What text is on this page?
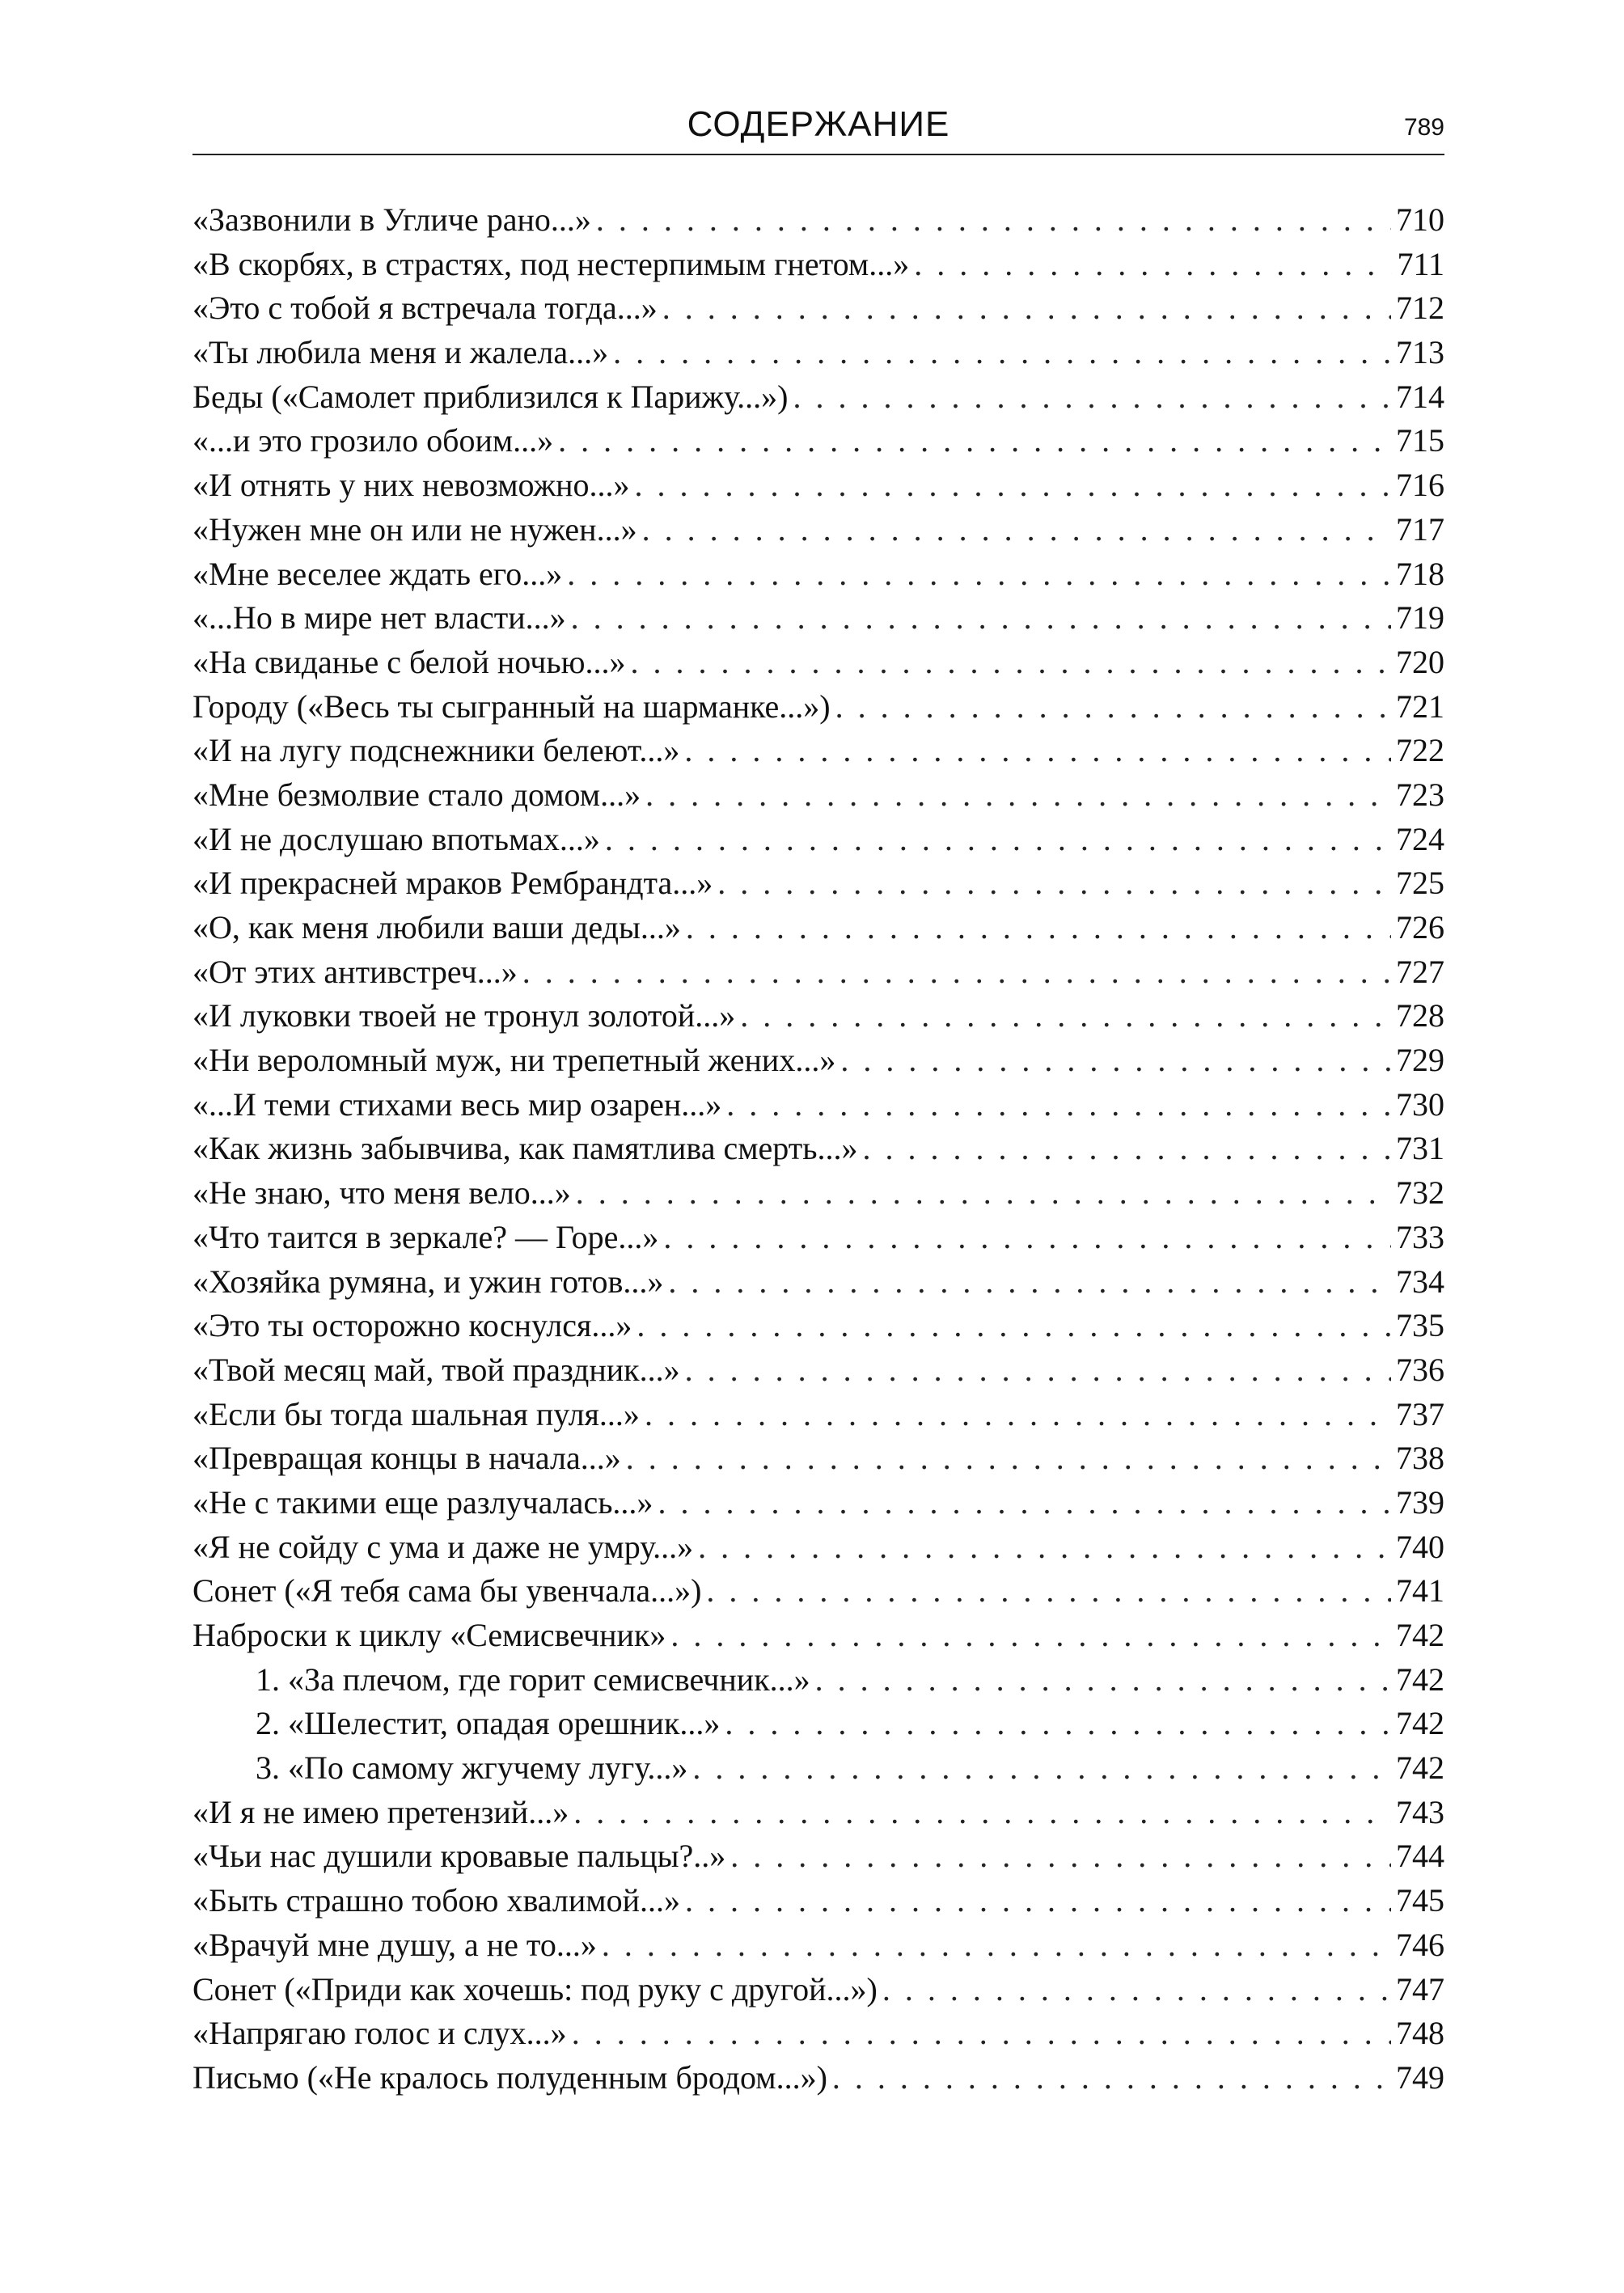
СОДЕРЖАНИЕ	789
«Зазвонили в Угличе рано...» . . .	710
«В скорбях, в страстях, под нестерпимым гнетом...» . . .	711
«Это с тобой я встречала тогда...» . . .	712
«Ты любила меня и жалела...» . . .	713
Беды («Самолет приблизился к Парижу...») . . .	714
«...и это грозило обоим...» . . .	715
«И отнять у них невозможно...» . . .	716
«Нужен мне он или не нужен...» . . .	717
«Мне веселее ждать его...» . . .	718
«...Но в мире нет власти...» . . .	719
«На свиданье с белой ночью...» . . .	720
Городу («Весь ты сыгранный на шарманке...») . . .	721
«И на лугу подснежники белеют...» . . .	722
«Мне безмолвие стало домом...» . . .	723
«И не дослушаю впотьмах...» . . .	724
«И прекрасней мраков Рембрандта...» . . .	725
«О, как меня любили ваши деды...» . . .	726
«От этих антивстреч...» . . .	727
«И луковки твоей не тронул золотой...» . . .	728
«Ни вероломный муж, ни трепетный жених...» . . .	729
«...И теми стихами весь мир озарен...» . . .	730
«Как жизнь забывчива, как памятлива смерть...» . . .	731
«Не знаю, что меня вело...» . . .	732
«Что таится в зеркале? — Горе...» . . .	733
«Хозяйка румяна, и ужин готов...» . . .	734
«Это ты осторожно коснулся...» . . .	735
«Твой месяц май, твой праздник...» . . .	736
«Если бы тогда шальная пуля...» . . .	737
«Превращая концы в начала...» . . .	738
«Не с такими еще разлучалась...» . . .	739
«Я не сойду с ума и даже не умру...» . . .	740
Сонет («Я тебя сама бы увенчала...») . . .	741
Наброски к циклу «Семисвечник» . . .	742
1. «За плечом, где горит семисвечник...» . . .	742
2. «Шелестит, опадая орешник...» . . .	742
3. «По самому жгучему лугу...» . . .	742
«И я не имею претензий...» . . .	743
«Чьи нас душили кровавые пальцы?..» . . .	744
«Быть страшно тобою хвалимой...» . . .	745
«Врачуй мне душу, а не то...» . . .	746
Сонет («Приди как хочешь: под руку с другой...») . . .	747
«Напрягаю голос и слух...» . . .	748
Письмо («Не кралось полуденным бродом...») . . .	749
